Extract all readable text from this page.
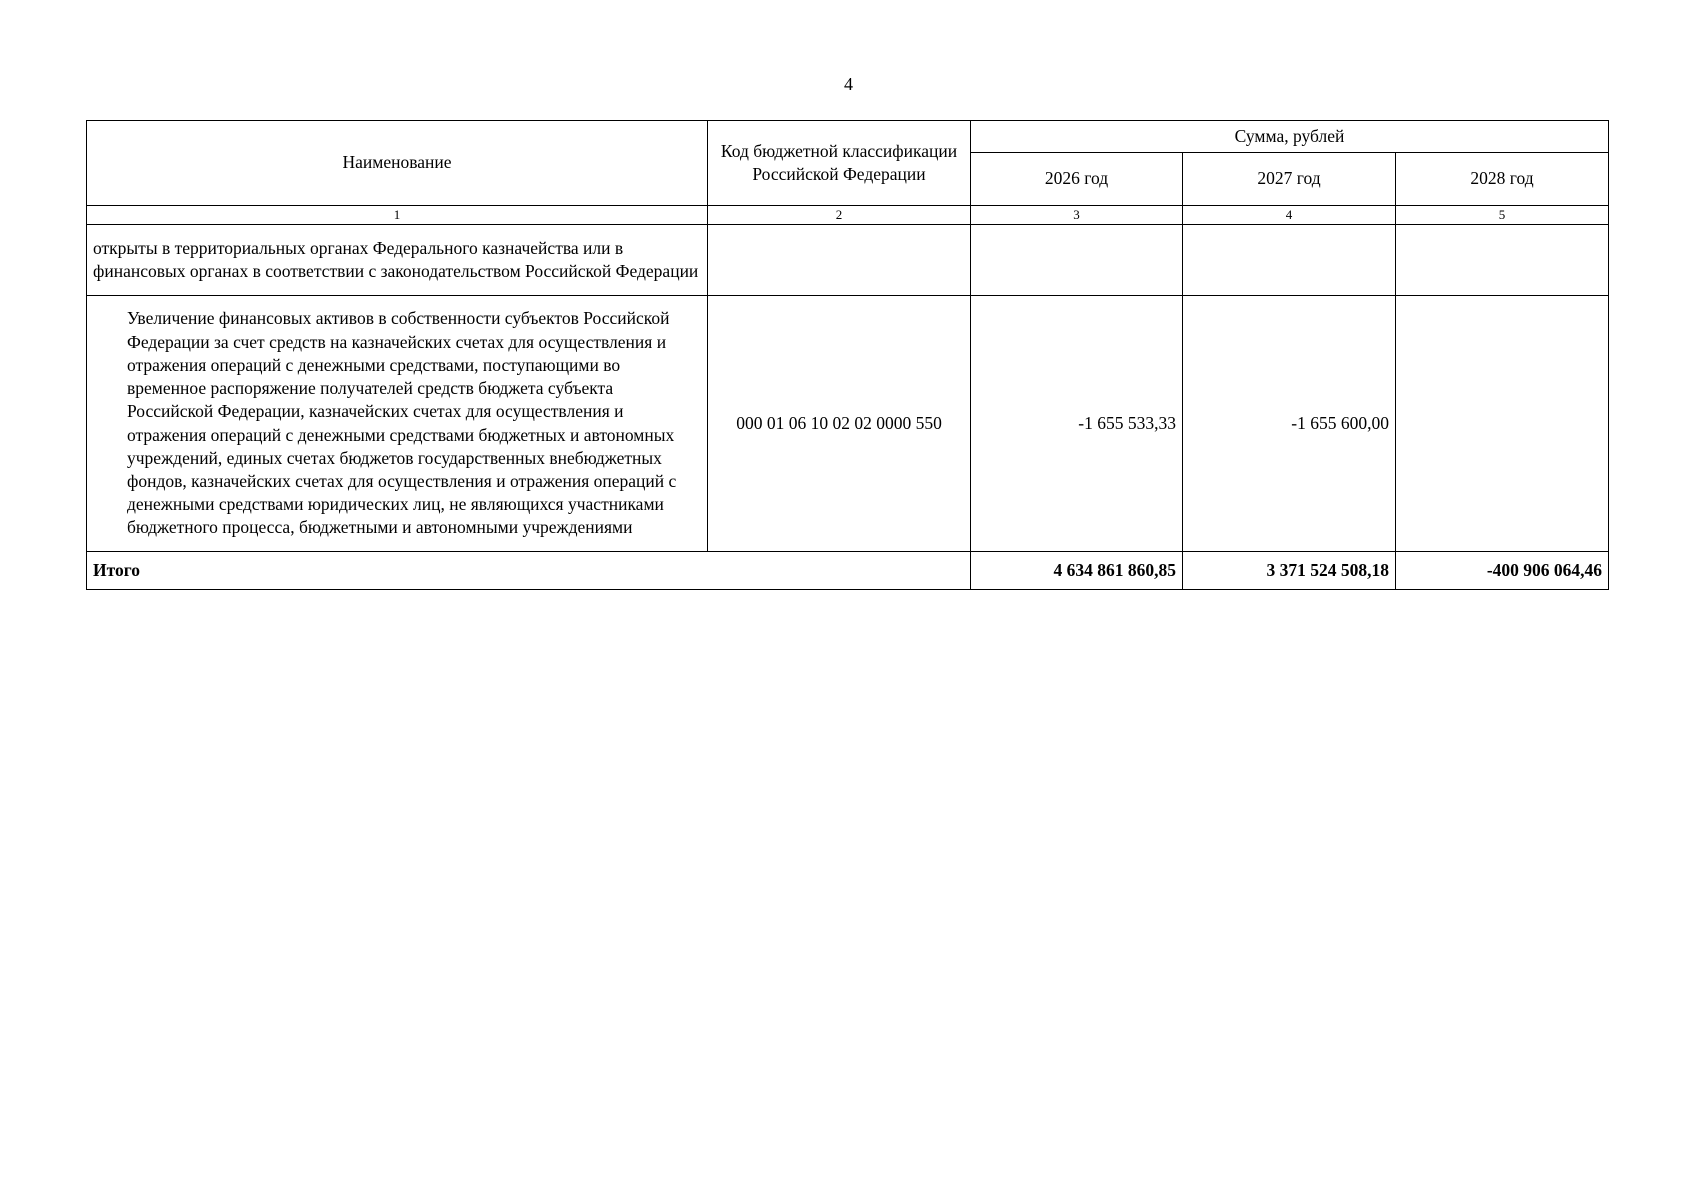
4
Наименование	Код бюджетной классификации Российской Федерации	Сумма, рублей		
		2026 год	2027 год	2028 год
1	2	3	4	5
открыты в территориальных органах Федерального казначейства или в финансовых органах в соответствии с законодательством Российской Федерации				
Увеличение финансовых активов в собственности субъектов Российской Федерации за счет средств на казначейских счетах для осуществления и отражения операций с денежными средствами, поступающими во временное распоряжение получателей средств бюджета субъекта Российской Федерации, казначейских счетах для осуществления и отражения операций с денежными средствами бюджетных и автономных учреждений, единых счетах бюджетов государственных внебюджетных фондов, казначейских счетах для осуществления и отражения операций с денежными средствами юридических лиц, не являющихся участниками бюджетного процесса, бюджетными и автономными учреждениями	000 01 06 10 02 02 0000 550	-1 655 533,33	-1 655 600,00	
Итого		4 634 861 860,85	3 371 524 508,18	-400 906 064,46
